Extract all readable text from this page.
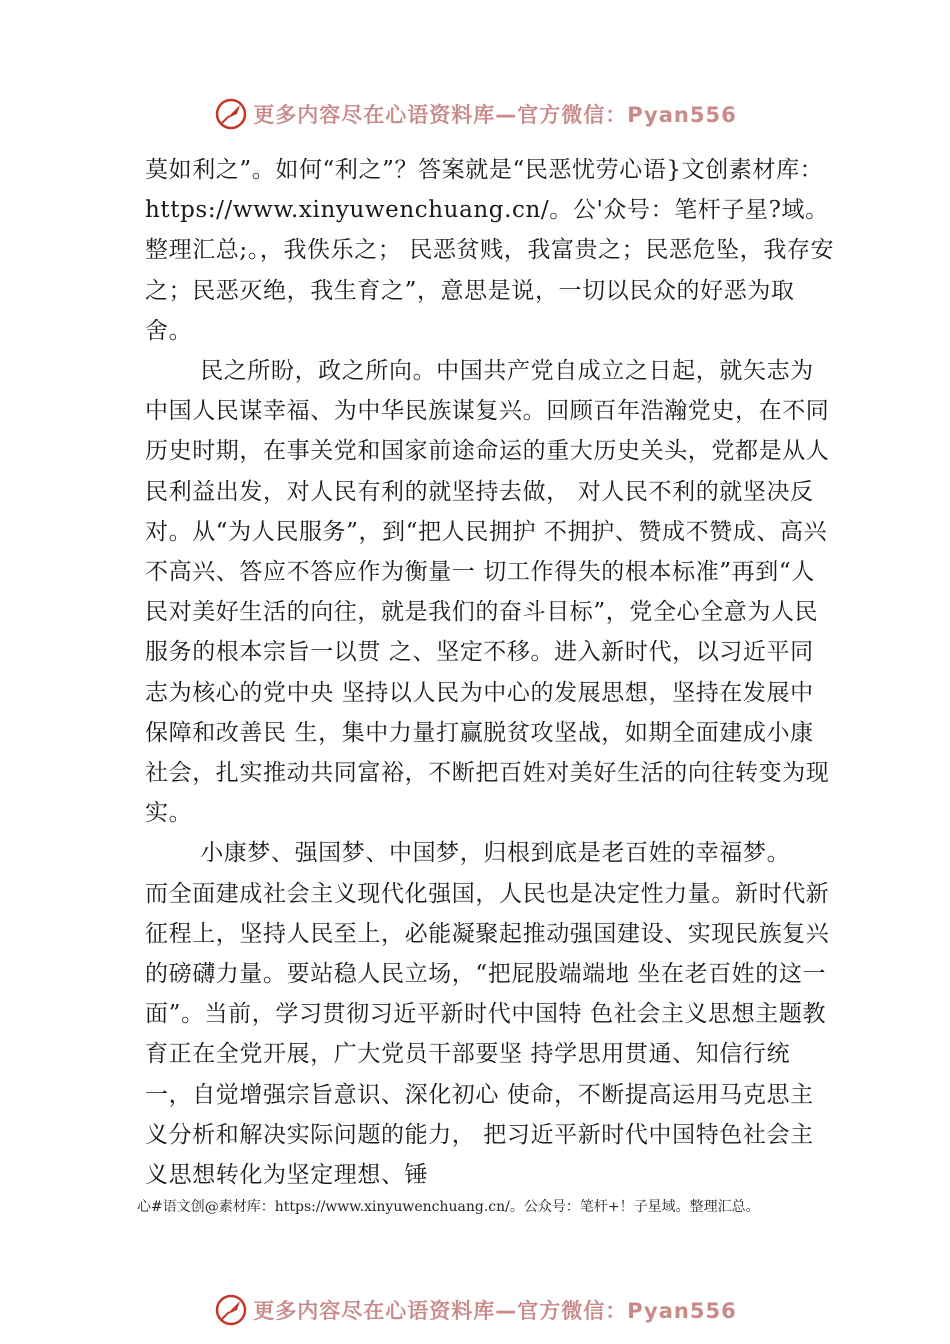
更多内容尽在心语资料库—官方微信：Pyan556

莫如利之”。如何“利之”？答案就是“民恶忧劳心语}文创素材库：https://www.xinyuwenchuang.cn/。公'众号：笔杆子星?域。整理汇总;。，我佚乐之； 民恶贫贱，我富贵之；民恶危坠，我存安之；民恶灭绝，我生育之”，意思是说，一切以民众的好恶为取舍。

民之所盼，政之所向。中国共产党自成立之日起，就矢志为中国人民谋幸福、为中华民族谋复兴。回顾百年浩瀚党史，在不同历史时期，在事关党和国家前途命运的重大历史关头，党都是从人民利益出发，对人民有利的就坚持去做， 对人民不利的就坚决反对。从“为人民服务”，到“把人民拥护 不拥护、赞成不赞成、高兴不高兴、答应不答应作为衡量一 切工作得失的根本标准”再到“人民对美好生活的向往，就是我们的奋斗目标”，党全心全意为人民服务的根本宗旨一以贯 之、坚定不移。进入新时代，以习近平同志为核心的党中央 坚持以人民为中心的发展思想，坚持在发展中保障和改善民 生，集中力量打赢脱贫攻坚战，如期全面建成小康社会，扎实推动共同富裕，不断把百姓对美好生活的向往转变为现实。

小康梦、强国梦、中国梦，归根到底是老百姓的幸福梦。

而全面建成社会主义现代化强国，人民也是决定性力量。新时代新征程上，坚持人民至上，必能凝聚起推动强国建设、实现民族复兴的磅礴力量。要站稳人民立场，“把屁股端端地 坐在老百姓的这一面”。当前，学习贯彻习近平新时代中国特 色社会主义思想主题教育正在全党开展，广大党员干部要坚 持学思用贯通、知信行统一，自觉增强宗旨意识、深化初心 使命，不断提高运用马克思主义分析和解决实际问题的能力， 把习近平新时代中国特色社会主义思想转化为坚定理想、锤

心#语文创@素材库：https://www.xinyuwenchuang.cn/。公众号：笔杆+！子星域。整理汇总。
更多内容尽在心语资料库—官方微信：Pyan556
